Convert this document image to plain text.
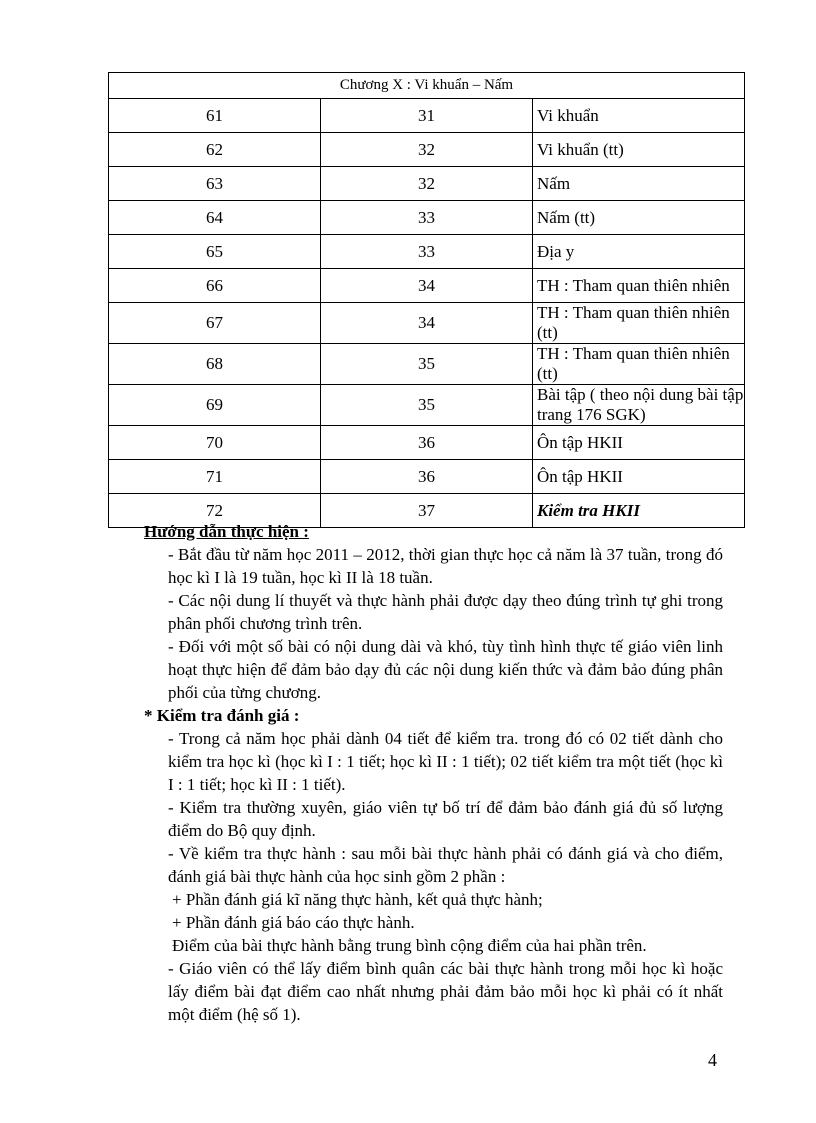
Chương X : Vi khuẩn – Nấm		
61	31	Vi khuẩn
62	32	Vi khuẩn (tt)
63	32	Nấm
64	33	Nấm (tt)
65	33	Địa y
66	34	TH : Tham quan thiên nhiên
67	34	TH : Tham quan thiên nhiên (tt)
68	35	TH : Tham quan thiên nhiên (tt)
69	35	Bài tập ( theo nội dung bài tập trang 176 SGK)
70	36	Ôn tập HKII
71	36	Ôn tập HKII
72	37	Kiểm tra HKII

Hướng dẫn thực hiện :

- Bắt đầu từ năm học 2011 – 2012, thời gian thực học cả năm là 37 tuần, trong đó học kì I là 19 tuần, học kì II là 18 tuần.

- Các nội dung lí thuyết và thực hành phải được dạy theo đúng trình tự ghi trong phân phối chương trình trên.

- Đối với một số bài có nội dung dài và khó, tùy tình hình thực tế giáo viên linh hoạt thực hiện để đảm bảo dạy đủ các nội dung kiến thức và đảm bảo đúng phân phối của từng chương.

* Kiểm tra đánh giá :

- Trong cả năm học phải dành 04 tiết để kiểm tra. trong đó có 02 tiết dành cho kiểm tra học kì (học kì I : 1 tiết; học kì II : 1 tiết); 02 tiết kiểm tra một tiết (học kì I : 1 tiết; học kì II : 1 tiết).

- Kiểm tra thường xuyên, giáo viên tự bố trí để đảm bảo đánh giá đủ số lượng điểm do Bộ quy định.

- Về kiểm tra thực hành : sau mỗi bài thực hành phải có đánh giá và cho điểm, đánh giá bài thực hành của học sinh gồm 2 phần :

+ Phần đánh giá kĩ năng thực hành, kết quả thực hành;

+ Phần đánh giá báo cáo thực hành.

Điểm của bài thực hành bằng trung bình cộng điểm của hai phần trên.

- Giáo viên có thể lấy điểm bình quân các bài thực hành trong mỗi học kì hoặc lấy điểm bài đạt điểm cao nhất nhưng phải đảm bảo mỗi học kì phải có ít nhất một điểm (hệ số 1).

4
